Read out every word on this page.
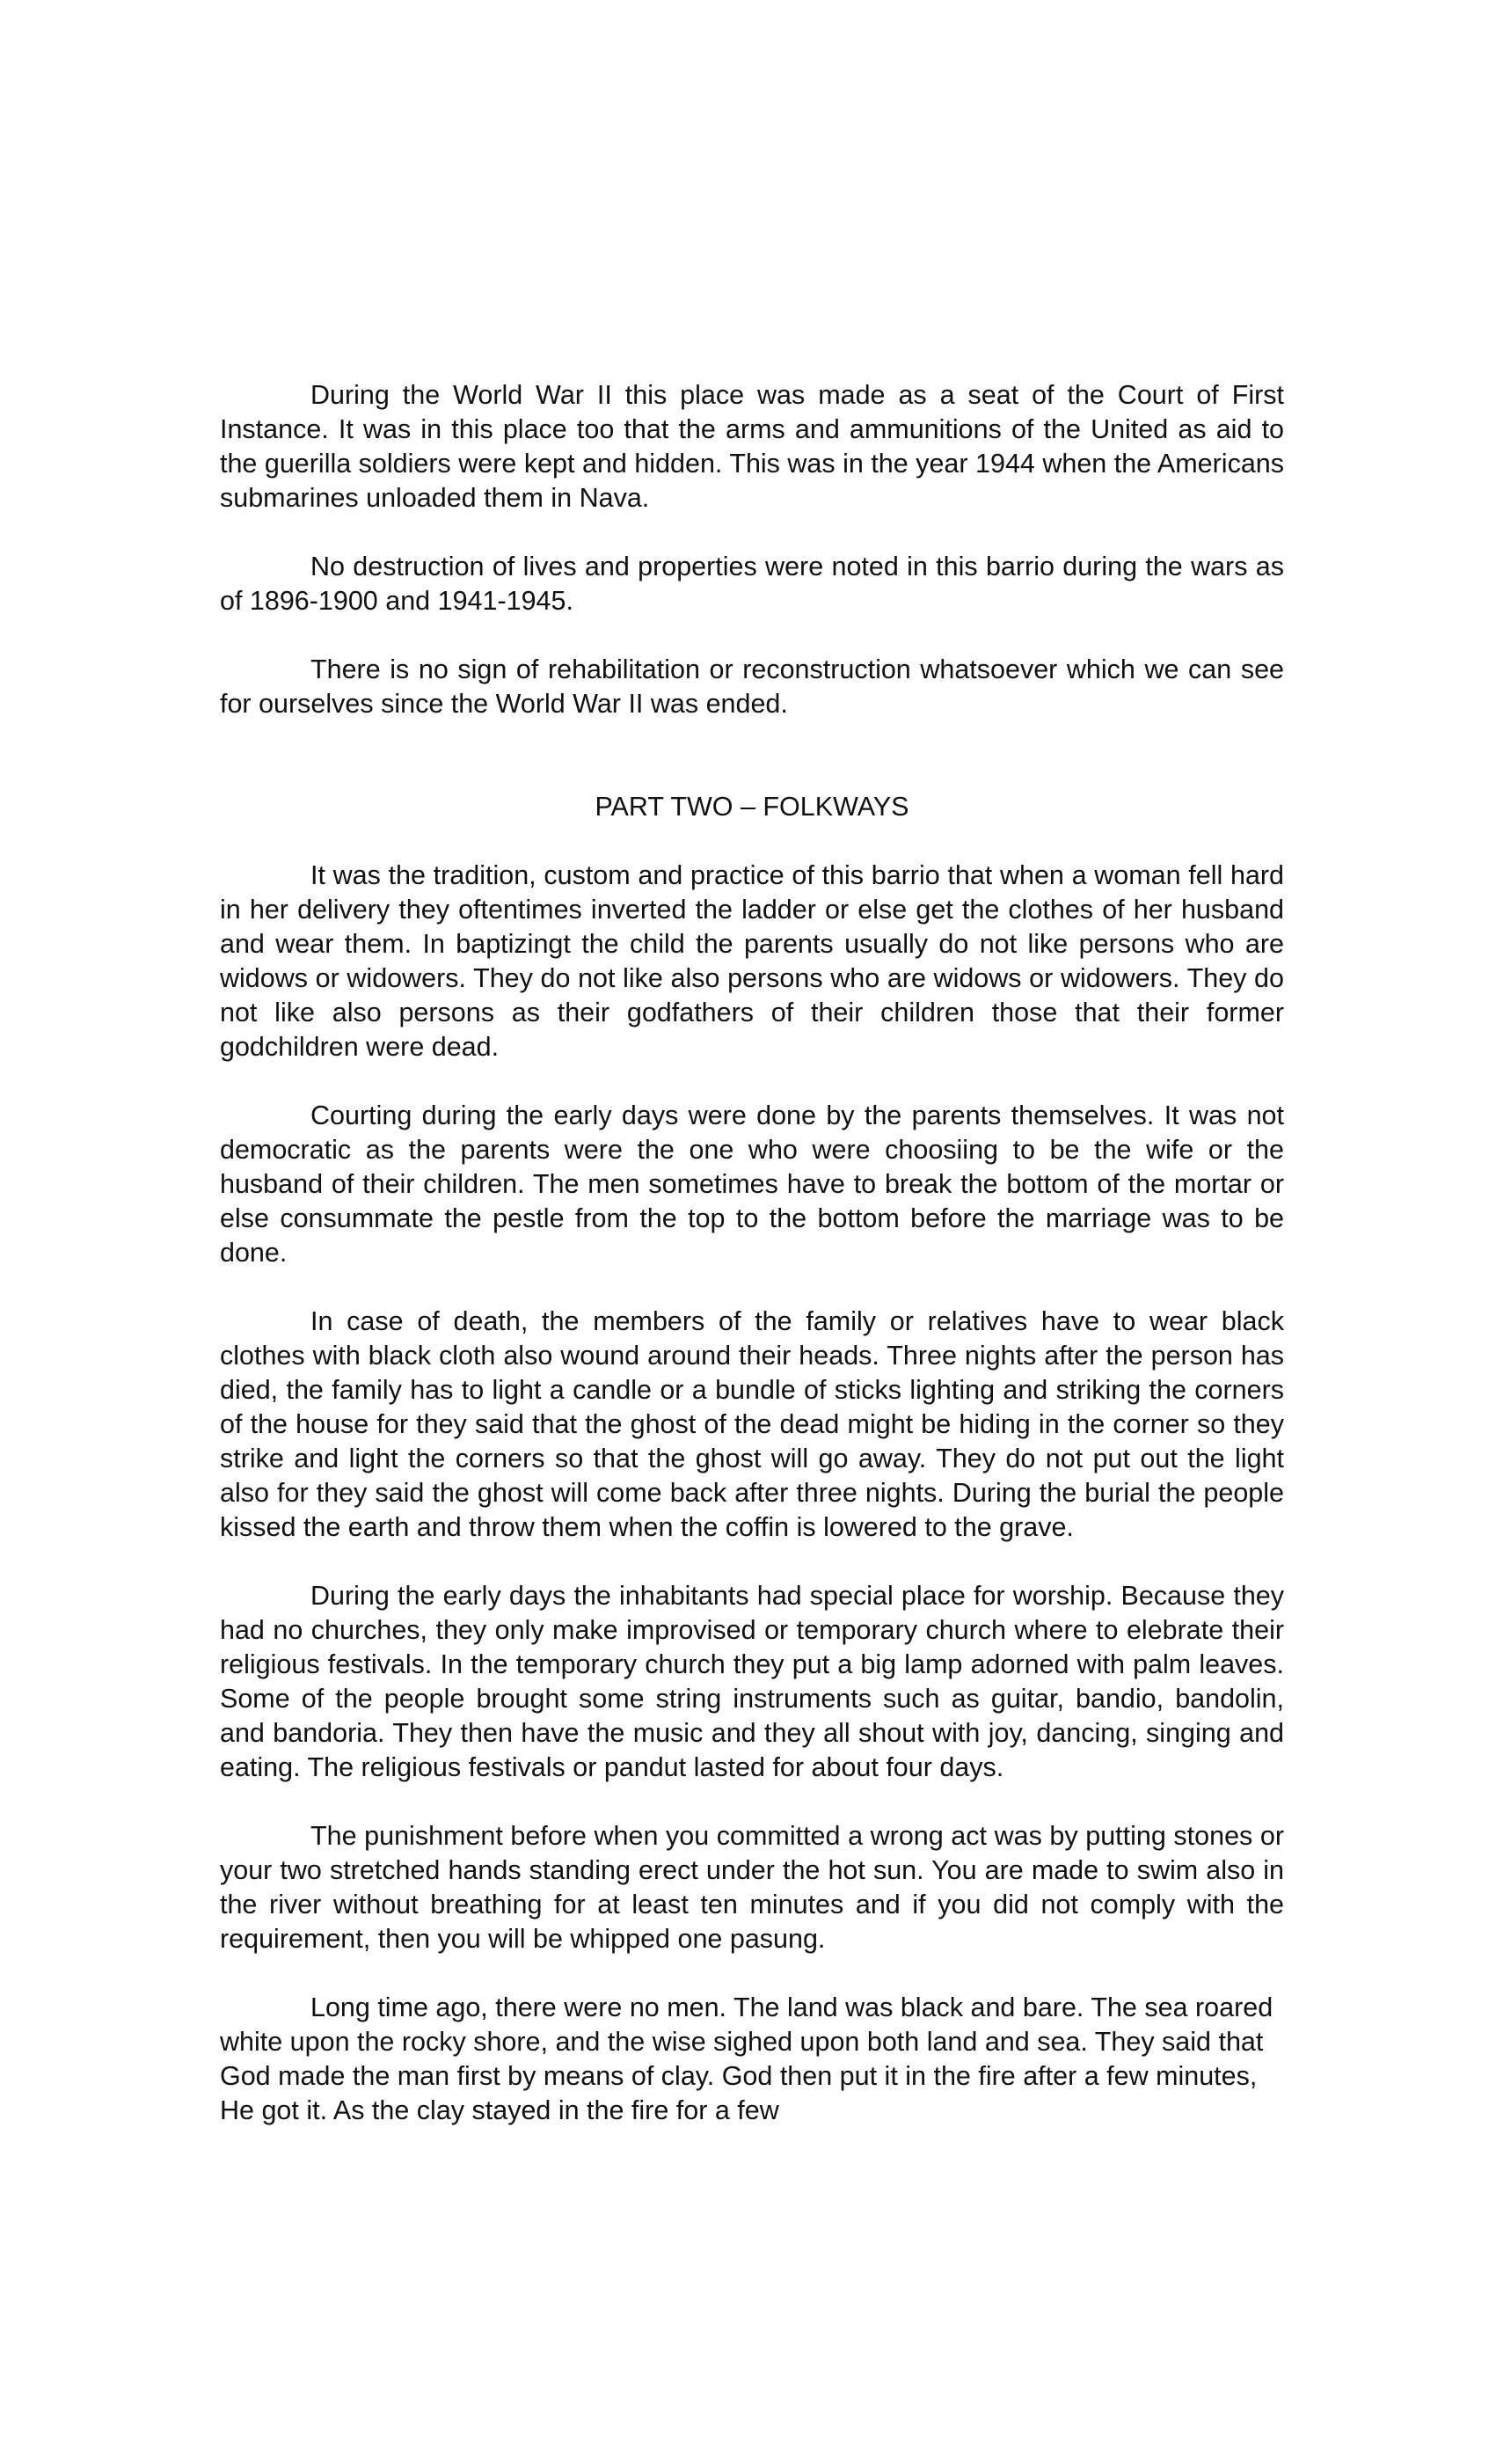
During the World War II this place was made as a seat of the Court of First Instance. It was in this place too that the arms and ammunitions of the United as aid to the guerilla soldiers were kept and hidden. This was in the year 1944 when the Americans submarines unloaded them in Nava.

No destruction of lives and properties were noted in this barrio during the wars as of 1896-1900 and 1941-1945.

There is no sign of rehabilitation or reconstruction whatsoever which we can see for ourselves since the World War II was ended.

PART TWO – FOLKWAYS

It was the tradition, custom and practice of this barrio that when a woman fell hard in her delivery they oftentimes inverted the ladder or else get the clothes of her husband and wear them. In baptizingt the child the parents usually do not like persons who are widows or widowers. They do not like also persons who are widows or widowers. They do not like also persons as their godfathers of their children those that their former godchildren were dead.

Courting during the early days were done by the parents themselves. It was not democratic as the parents were the one who were choosiing to be the wife or the husband of their children. The men sometimes have to break the bottom of the mortar or else consummate the pestle from the top to the bottom before the marriage was to be done.

In case of death, the members of the family or relatives have to wear black clothes with black cloth also wound around their heads. Three nights after the person has died, the family has to light a candle or a bundle of sticks lighting and striking the corners of the house for they said that the ghost of the dead might be hiding in the corner so they strike and light the corners so that the ghost will go away. They do not put out the light also for they said the ghost will come back after three nights. During the burial the people kissed the earth and throw them when the coffin is lowered to the grave.

During the early days the inhabitants had special place for worship. Because they had no churches, they only make improvised or temporary church where to elebrate their religious festivals. In the temporary church they put a big lamp adorned with palm leaves. Some of the people brought some string instruments such as guitar, bandio, bandolin, and bandoria. They then have the music and they all shout with joy, dancing, singing and eating. The religious festivals or pandut lasted for about four days.

The punishment before when you committed a wrong act was by putting stones or your two stretched hands standing erect under the hot sun. You are made to swim also in the river without breathing for at least ten minutes and if you did not comply with the requirement, then you will be whipped one pasung.

Long time ago, there were no men. The land was black and bare. The sea roared white upon the rocky shore, and the wise sighed upon both land and sea. They said that God made the man first by means of clay. God then put it in the fire after a few minutes, He got it. As the clay stayed in the fire for a few
